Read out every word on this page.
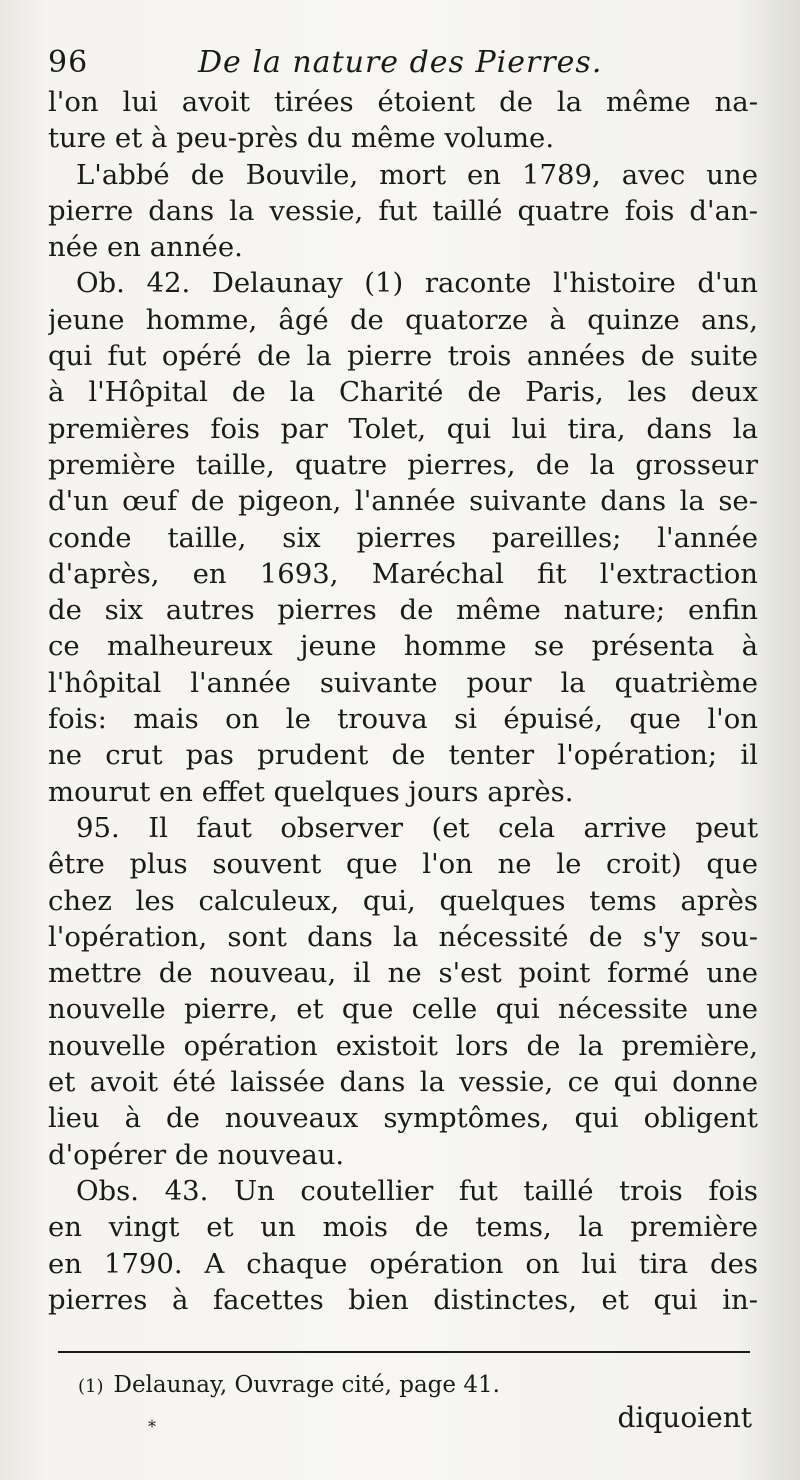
96	De la nature des Pierres.
l'on lui avoit tirées étoient de la même na-
ture et à peu-près du même volume.
L'abbé de Bouvile, mort en 1789, avec une
pierre dans la vessie, fut taillé quatre fois d'an-
née en année.
Ob. 42. Delaunay (1) raconte l'histoire d'un
jeune homme, âgé de quatorze à quinze ans,
qui fut opéré de la pierre trois années de suite
à l'Hôpital de la Charité de Paris, les deux
premières fois par Tolet, qui lui tira, dans la
première taille, quatre pierres, de la grosseur
d'un œuf de pigeon, l'année suivante dans la se-
conde taille, six pierres pareilles; l'année
d'après, en 1693, Maréchal fit l'extraction
de six autres pierres de même nature; enfin
ce malheureux jeune homme se présenta à
l'hôpital l'année suivante pour la quatrième
fois: mais on le trouva si épuisé, que l'on
ne crut pas prudent de tenter l'opération; il
mourut en effet quelques jours après.
95. Il faut observer (et cela arrive peut
être plus souvent que l'on ne le croit) que
chez les calculeux, qui, quelques tems après
l'opération, sont dans la nécessité de s'y sou-
mettre de nouveau, il ne s'est point formé une
nouvelle pierre, et que celle qui nécessite une
nouvelle opération existoit lors de la première,
et avoit été laissée dans la vessie, ce qui donne
lieu à de nouveaux symptômes, qui obligent
d'opérer de nouveau.
Obs. 43. Un coutellier fut taillé trois fois
en vingt et un mois de tems, la première
en 1790. A chaque opération on lui tira des
pierres à facettes bien distinctes, et qui in-
(1) Delaunay, Ouvrage cité, page 41.
*	diquoient
